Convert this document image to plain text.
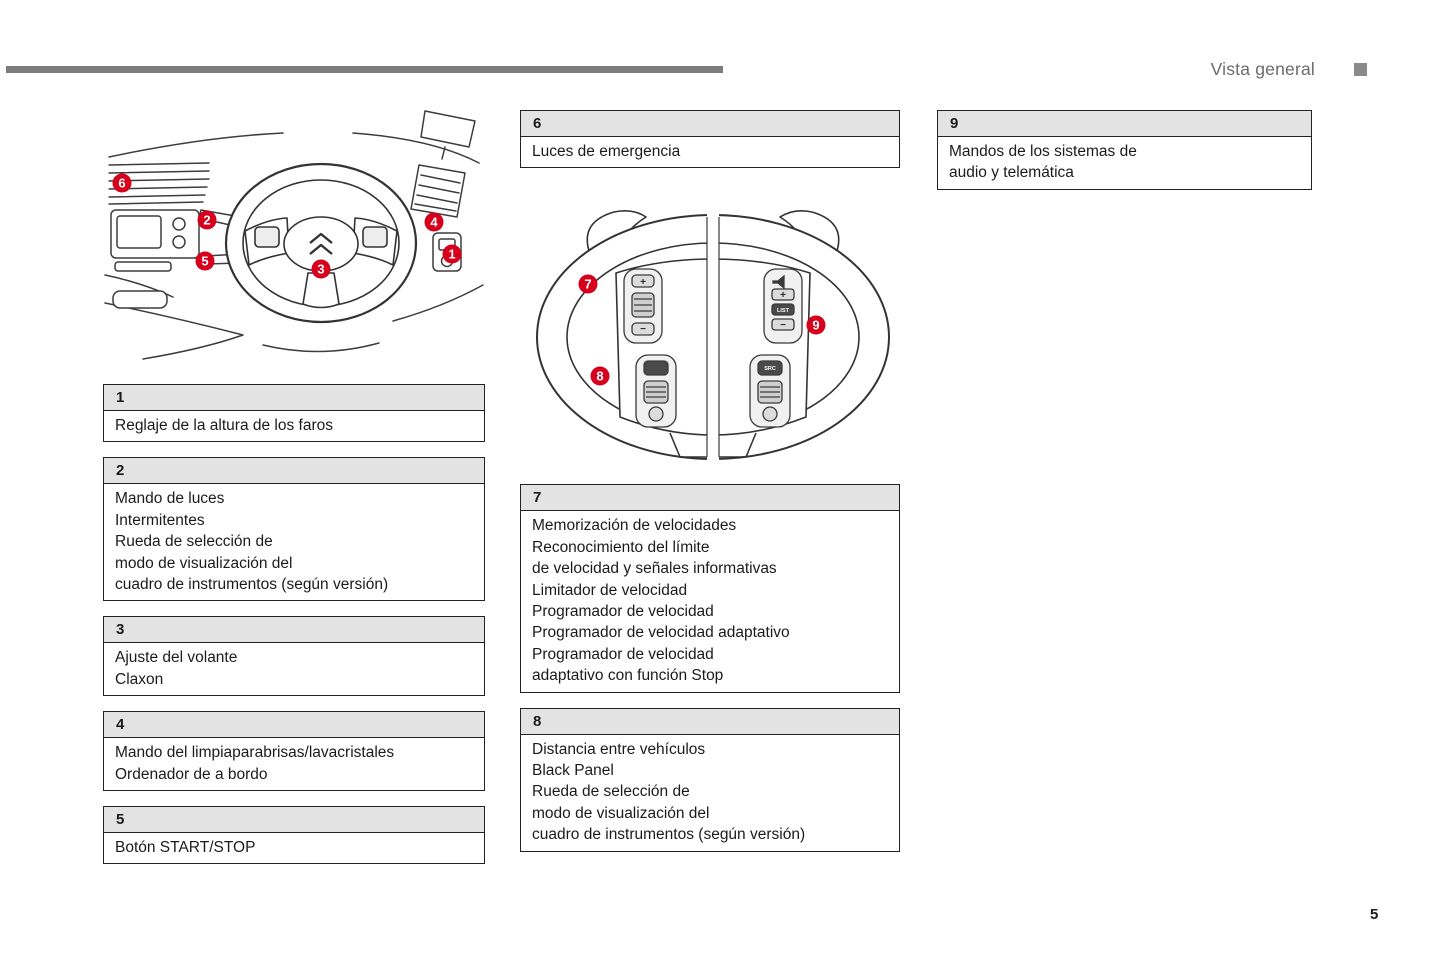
Vista general
6
2
5
3
4
1
1
Reglaje de la altura de los faros
2
Mando de luces
Intermitentes
Rueda de selección de
modo de visualización del
cuadro de instrumentos (según versión)
3
Ajuste del volante
Claxon
4
Mando del limpiaparabrisas/lavacristales
Ordenador de a bordo
5
Botón START/STOP
6
Luces de emergencia
+
−
+
−
LIST
SRC
7
8
9
7
Memorización de velocidades
Reconocimiento del límite
de velocidad y señales informativas
Limitador de velocidad
Programador de velocidad
Programador de velocidad adaptativo
Programador de velocidad
adaptativo con función Stop
8
Distancia entre vehículos
Black Panel
Rueda de selección de
modo de visualización del
cuadro de instrumentos (según versión)
9
Mandos de los sistemas de
audio y telemática
5
